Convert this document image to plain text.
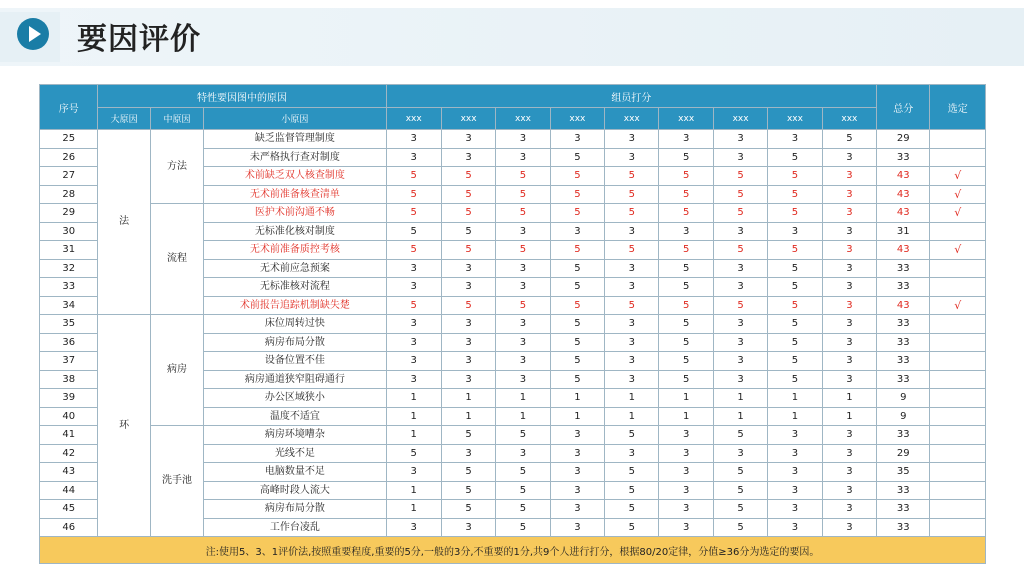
要因评价
序号	特性要因图中的原因			组员打分									总分	选定
	大原因	中原因	小原因	xxx	xxx	xxx	xxx	xxx	xxx	xxx	xxx	xxx		
25	法	方法	缺乏监督管理制度	3	3	3	3	3	3	3	3	5	29	
26			未严格执行查对制度	3	3	3	5	3	5	3	5	3	33	
27			术前缺乏双人核查制度	5	5	5	5	5	5	5	5	3	43	√
28			无术前准备核查清单	5	5	5	5	5	5	5	5	3	43	√
29		流程	医护术前沟通不畅	5	5	5	5	5	5	5	5	3	43	√
30			无标准化核对制度	5	5	3	3	3	3	3	3	3	31	
31			无术前准备质控考核	5	5	5	5	5	5	5	5	3	43	√
32			无术前应急预案	3	3	3	5	3	5	3	5	3	33	
33			无标准核对流程	3	3	3	5	3	5	3	5	3	33	
34			术前报告追踪机制缺失楚	5	5	5	5	5	5	5	5	3	43	√
35	环	病房	床位周转过快	3	3	3	5	3	5	3	5	3	33	
36			病房布局分散	3	3	3	5	3	5	3	5	3	33	
37			设备位置不佳	3	3	3	5	3	5	3	5	3	33	
38			病房通道狭窄阻碍通行	3	3	3	5	3	5	3	5	3	33	
39			办公区域狭小	1	1	1	1	1	1	1	1	1	9	
40			温度不适宜	1	1	1	1	1	1	1	1	1	9	
41		洗手池	病房环境嘈杂	1	5	5	3	5	3	5	3	3	33	
42			光线不足	5	3	3	3	3	3	3	3	3	29	
43			电脑数量不足	3	5	5	3	5	3	5	3	3	35	
44			高峰时段人流大	1	5	5	3	5	3	5	3	3	33	
45			病房布局分散	1	5	5	3	5	3	5	3	3	33	
46			工作台凌乱	3	3	5	3	5	3	5	3	3	33	
注:使用5、3、1评价法,按照重要程度,重要的5分,一般的3分,不重要的1分,共9个人进行打分，根据80/20定律，分值≥36分为选定的要因。														
